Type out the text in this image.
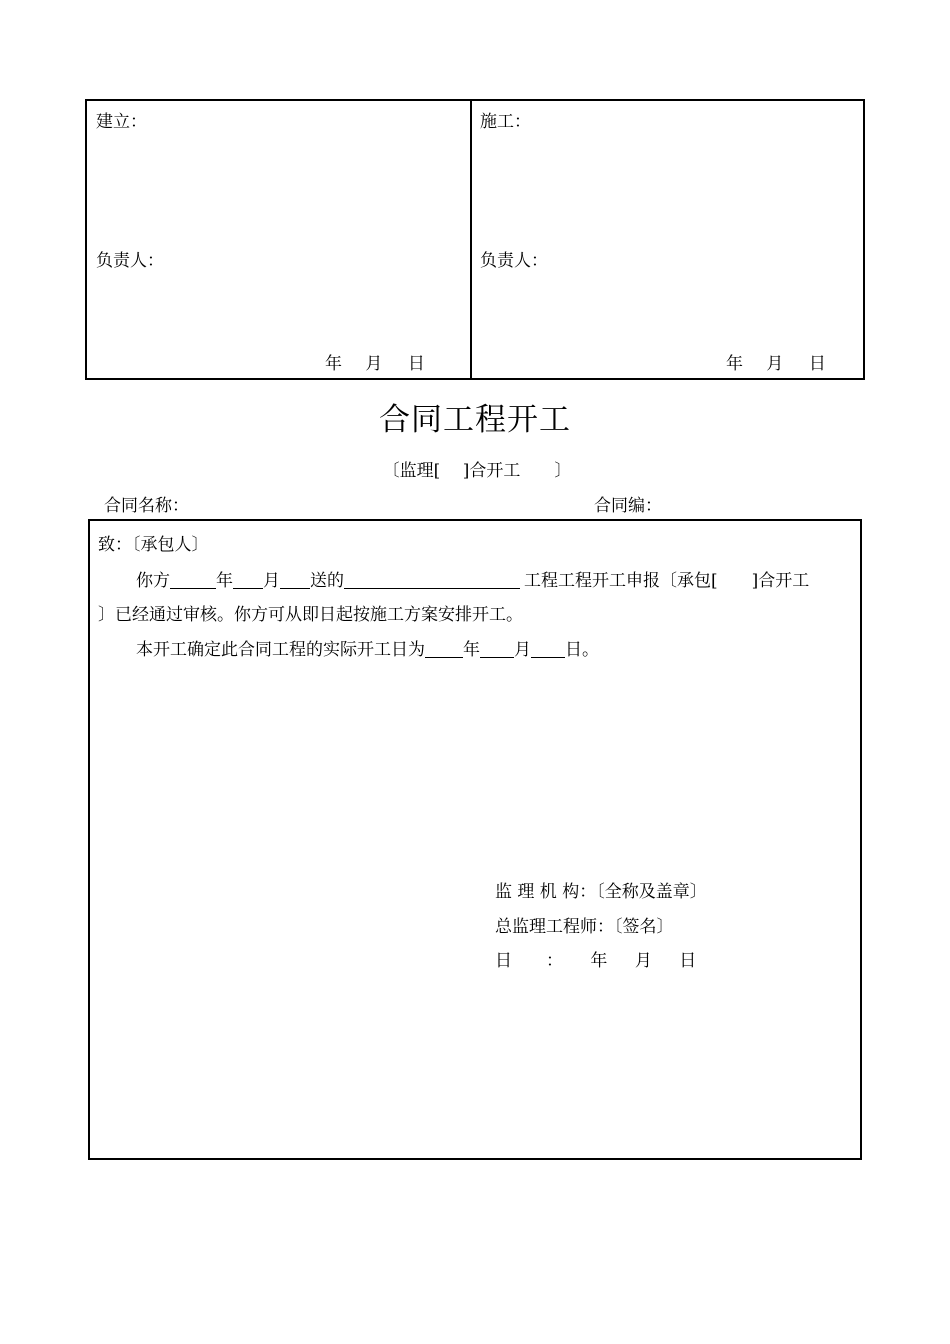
建立：
负责人：
年 月 日
施工：
负责人：
年 月 日
合同工程开工
〔监理[　 ]合开工　　〕
合同名称：	合同编：
致：〔承包人〕
你方	年 月 送的	工程工程开工申报〔承包[　　]合开工
〕已经通过审核。你方可从即日起按施工方案安排开工。
本开工确定此合同工程的实际开工日为 年 月 日。
监 理 机 构：〔全称及盖章〕
总监理工程师：〔签名〕
日　　： 年 月 日
